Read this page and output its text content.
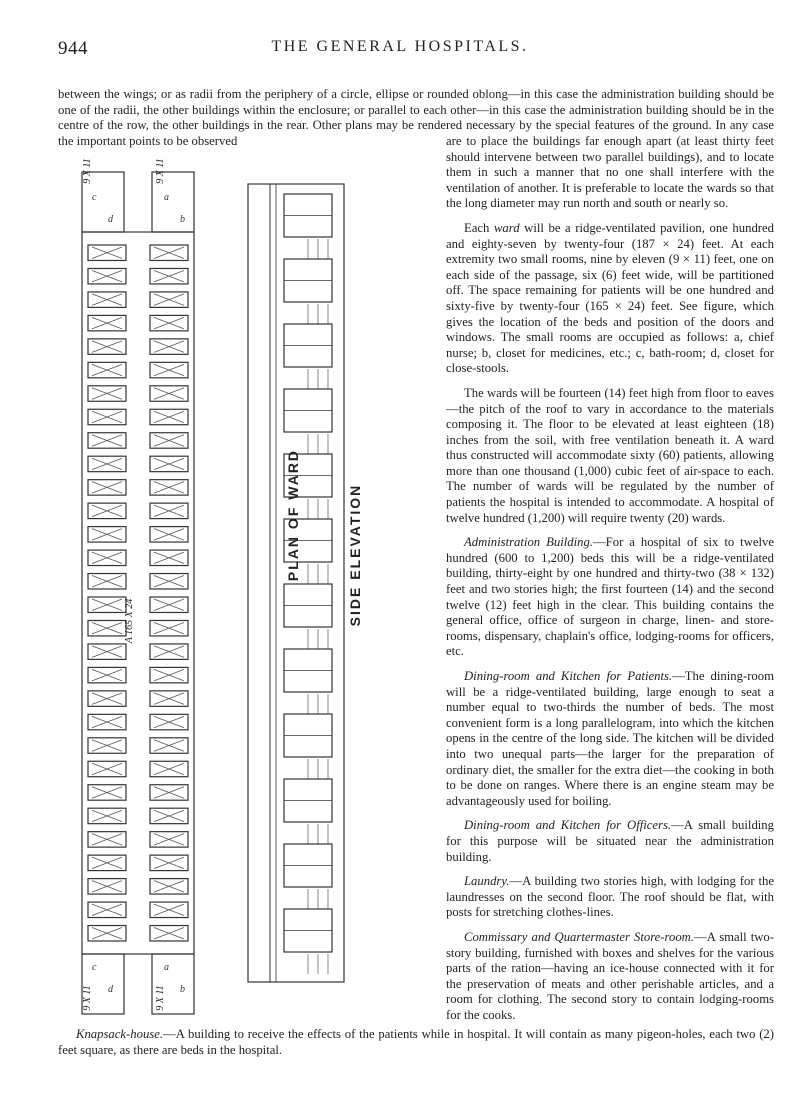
944	THE GENERAL HOSPITALS.

between the wings; or as radii from the periphery of a circle, ellipse or rounded oblong—in this case the administration building should be one of the radii, the other buildings within the enclosure; or parallel to each other—in this case the administration building should be in the centre of the row, the other buildings in the rear. Other plans may be rendered necessary by the special features of the ground. In any case the important points to be observed

c
d
a
b
c
d
a
b
PLAN OF WARD	SIDE ELEVATION
A 165 X 24
9 X 11	9 X 11
9 X 11	9 X 11

are to place the buildings far enough apart (at least thirty feet should intervene between two parallel buildings), and to locate them in such a manner that no one shall interfere with the ventilation of another. It is preferable to locate the wards so that the long diameter may run north and south or nearly so.

Each ward will be a ridge-ventilated pavilion, one hundred and eighty-seven by twenty-four (187 × 24) feet. At each extremity two small rooms, nine by eleven (9 × 11) feet, one on each side of the passage, six (6) feet wide, will be partitioned off. The space remaining for patients will be one hundred and sixty-five by twenty-four (165 × 24) feet. See figure, which gives the location of the beds and position of the doors and windows. The small rooms are occupied as follows: a, chief nurse; b, closet for medicines, etc.; c, bath-room; d, closet for close-stools.

The wards will be fourteen (14) feet high from floor to eaves—the pitch of the roof to vary in accordance to the materials composing it. The floor to be elevated at least eighteen (18) inches from the soil, with free ventilation beneath it. A ward thus constructed will accommodate sixty (60) patients, allowing more than one thousand (1,000) cubic feet of air-space to each. The number of wards will be regulated by the number of patients the hospital is intended to accommodate. A hospital of twelve hundred (1,200) will require twenty (20) wards.

Administration Building.—For a hospital of six to twelve hundred (600 to 1,200) beds this will be a ridge-ventilated building, thirty-eight by one hundred and thirty-two (38 × 132) feet and two stories high; the first fourteen (14) and the second twelve (12) feet high in the clear. This building contains the general office, office of surgeon in charge, linen- and store-rooms, dispensary, chaplain's office, lodging-rooms for officers, etc.

Dining-room and Kitchen for Patients.—The dining-room will be a ridge-ventilated building, large enough to seat a number equal to two-thirds the number of beds. The most convenient form is a long parallelogram, into which the kitchen opens in the centre of the long side. The kitchen will be divided into two unequal parts—the larger for the preparation of ordinary diet, the smaller for the extra diet—the cooking in both to be done on ranges. Where there is an engine steam may be advantageously used for boiling.

Dining-room and Kitchen for Officers.—A small building for this purpose will be situated near the administration building.

Laundry.—A building two stories high, with lodging for the laundresses on the second floor. The roof should be flat, with posts for stretching clothes-lines.

Commissary and Quartermaster Store-room.—A small two-story building, furnished with boxes and shelves for the various parts of the ration—having an ice-house connected with it for the preservation of meats and other perishable articles, and a room for clothing. The second story to contain lodging-rooms for the cooks.

Knapsack-house.—A building to receive the effects of the patients while in hospital. It will contain as many pigeon-holes, each two (2) feet square, as there are beds in the hospital.
